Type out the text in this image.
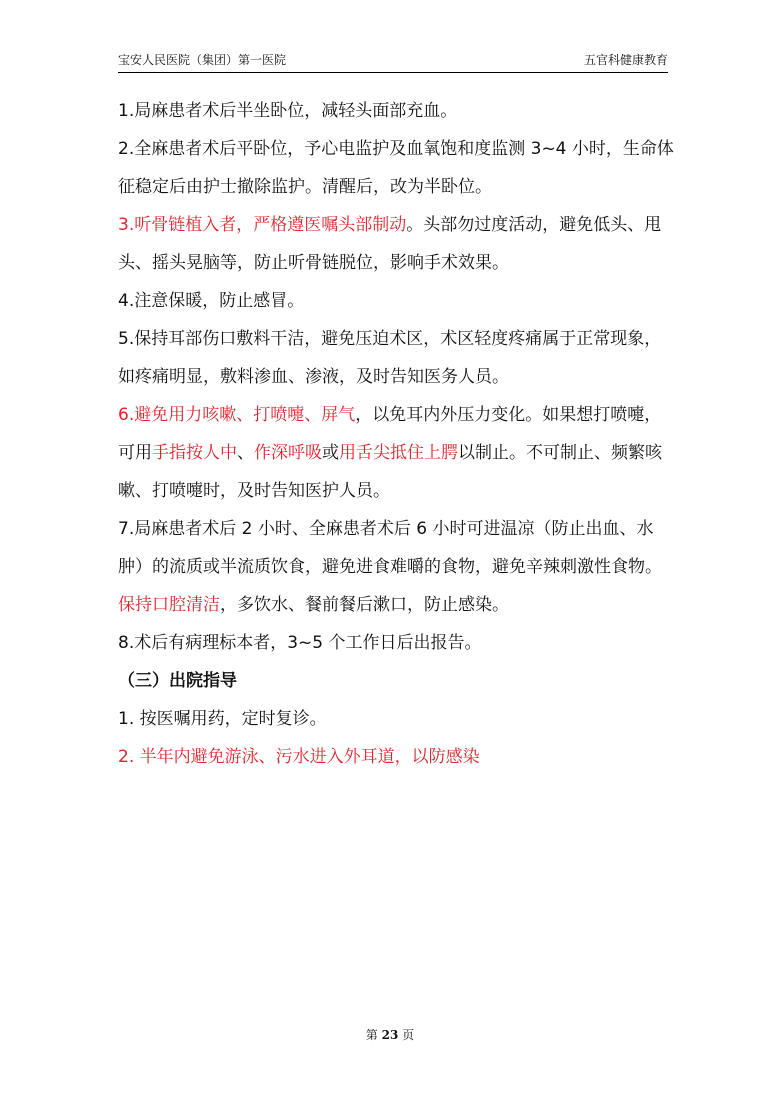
宝安人民医院（集团）第一医院	五官科健康教育

1.局麻患者术后半坐卧位，减轻头面部充血。

2.全麻患者术后平卧位，予心电监护及血氧饱和度监测 3~4 小时，生命体征稳定后由护士撤除监护。清醒后，改为半卧位。

3.听骨链植入者，严格遵医嘱头部制动。头部勿过度活动，避免低头、甩头、摇头晃脑等，防止听骨链脱位，影响手术效果。

4.注意保暖，防止感冒。

5.保持耳部伤口敷料干洁，避免压迫术区，术区轻度疼痛属于正常现象，如疼痛明显，敷料渗血、渗液，及时告知医务人员。

6.避免用力咳嗽、打喷嚏、屏气，以免耳内外压力变化。如果想打喷嚏，可用手指按人中、作深呼吸或用舌尖抵住上腭以制止。不可制止、频繁咳嗽、打喷嚏时，及时告知医护人员。

7.局麻患者术后 2 小时、全麻患者术后 6 小时可进温凉（防止出血、水肿）的流质或半流质饮食，避免进食难嚼的食物，避免辛辣刺激性食物。保持口腔清洁，多饮水、餐前餐后漱口，防止感染。

8.术后有病理标本者，3~5 个工作日后出报告。

（三）出院指导

1. 按医嘱用药，定时复诊。

2. 半年内避免游泳、污水进入外耳道，以防感染

第 23 页
